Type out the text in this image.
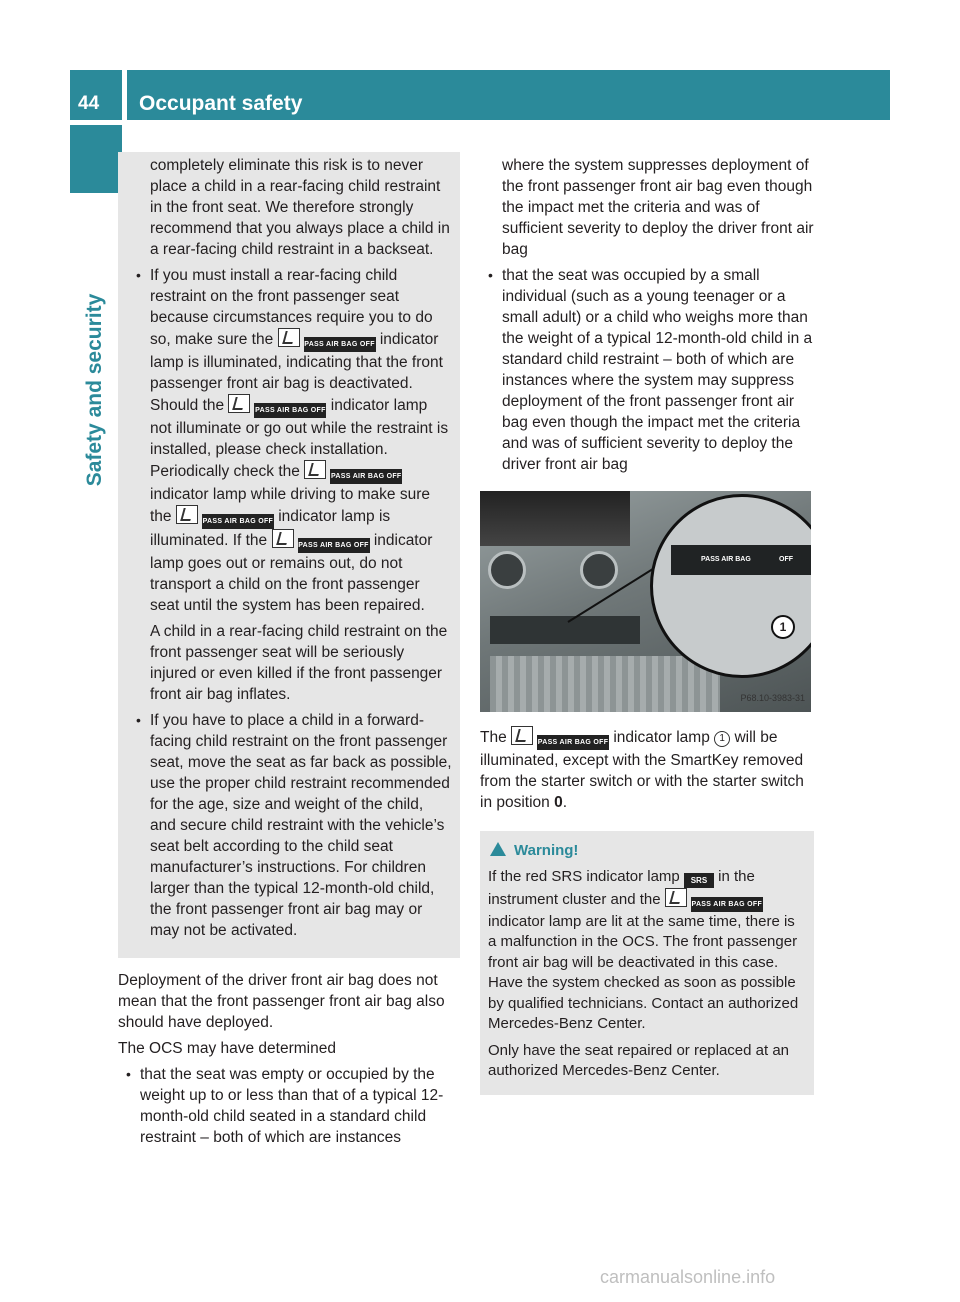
44	Occupant safety
Safety and security

completely eliminate this risk is to never place a child in a rear-facing child restraint in the front seat. We therefore strongly recommend that you always place a child in a rear-facing child restraint in a backseat.

• If you must install a rear-facing child restraint on the front passenger seat because circumstances require you to do so, make sure the	PASS AIR BAG OFF indicator lamp is illuminated, indicating that the front passenger front air bag is deactivated. Should the	PASS AIR BAG OFF indicator lamp not illuminate or go out while the restraint is installed, please check installation. Periodically check the	PASS AIR BAG OFF indicator lamp while driving to make sure the	PASS AIR BAG OFF indicator lamp is illuminated. If the	PASS AIR BAG OFF indicator lamp goes out or remains out, do not transport a child on the front passenger seat until the system has been repaired.

A child in a rear-facing child restraint on the front passenger seat will be seriously injured or even killed if the front passenger front air bag inflates.

• If you have to place a child in a forward-facing child restraint on the front passenger seat, move the seat as far back as possible, use the proper child restraint recommended for the age, size and weight of the child, and secure child restraint with the vehicle’s seat belt according to the child seat manufacturer’s instructions. For children larger than the typical 12-month-old child, the front passenger front air bag may or may not be activated.

Deployment of the driver front air bag does not mean that the front passenger front air bag also should have deployed.

The OCS may have determined

• that the seat was empty or occupied by the weight up to or less than that of a typical 12-month-old child seated in a standard child restraint – both of which are instances

where the system suppresses deployment of the front passenger front air bag even though the impact met the criteria and was of sufficient severity to deploy the driver front air bag

• that the seat was occupied by a small individual (such as a young teenager or a small adult) or a child who weighs more than the weight of a typical 12-month-old child in a standard child restraint – both of which are instances where the system may suppress deployment of the front passenger front air bag even though the impact met the criteria and was of sufficient severity to deploy the driver front air bag
PASS AIR BAG	OFF
1
P68.10-3983-31

The	PASS AIR BAG OFF indicator lamp 1 will be illuminated, except with the SmartKey removed from the starter switch or with the starter switch in position 0.

Warning!

If the red SRS indicator lamp SRS in the instrument cluster and the	PASS AIR BAG OFF indicator lamp are lit at the same time, there is a malfunction in the OCS. The front passenger front air bag will be deactivated in this case. Have the system checked as soon as possible by qualified technicians. Contact an authorized Mercedes-Benz Center.

Only have the seat repaired or replaced at an authorized Mercedes-Benz Center.

carmanualsonline.info
